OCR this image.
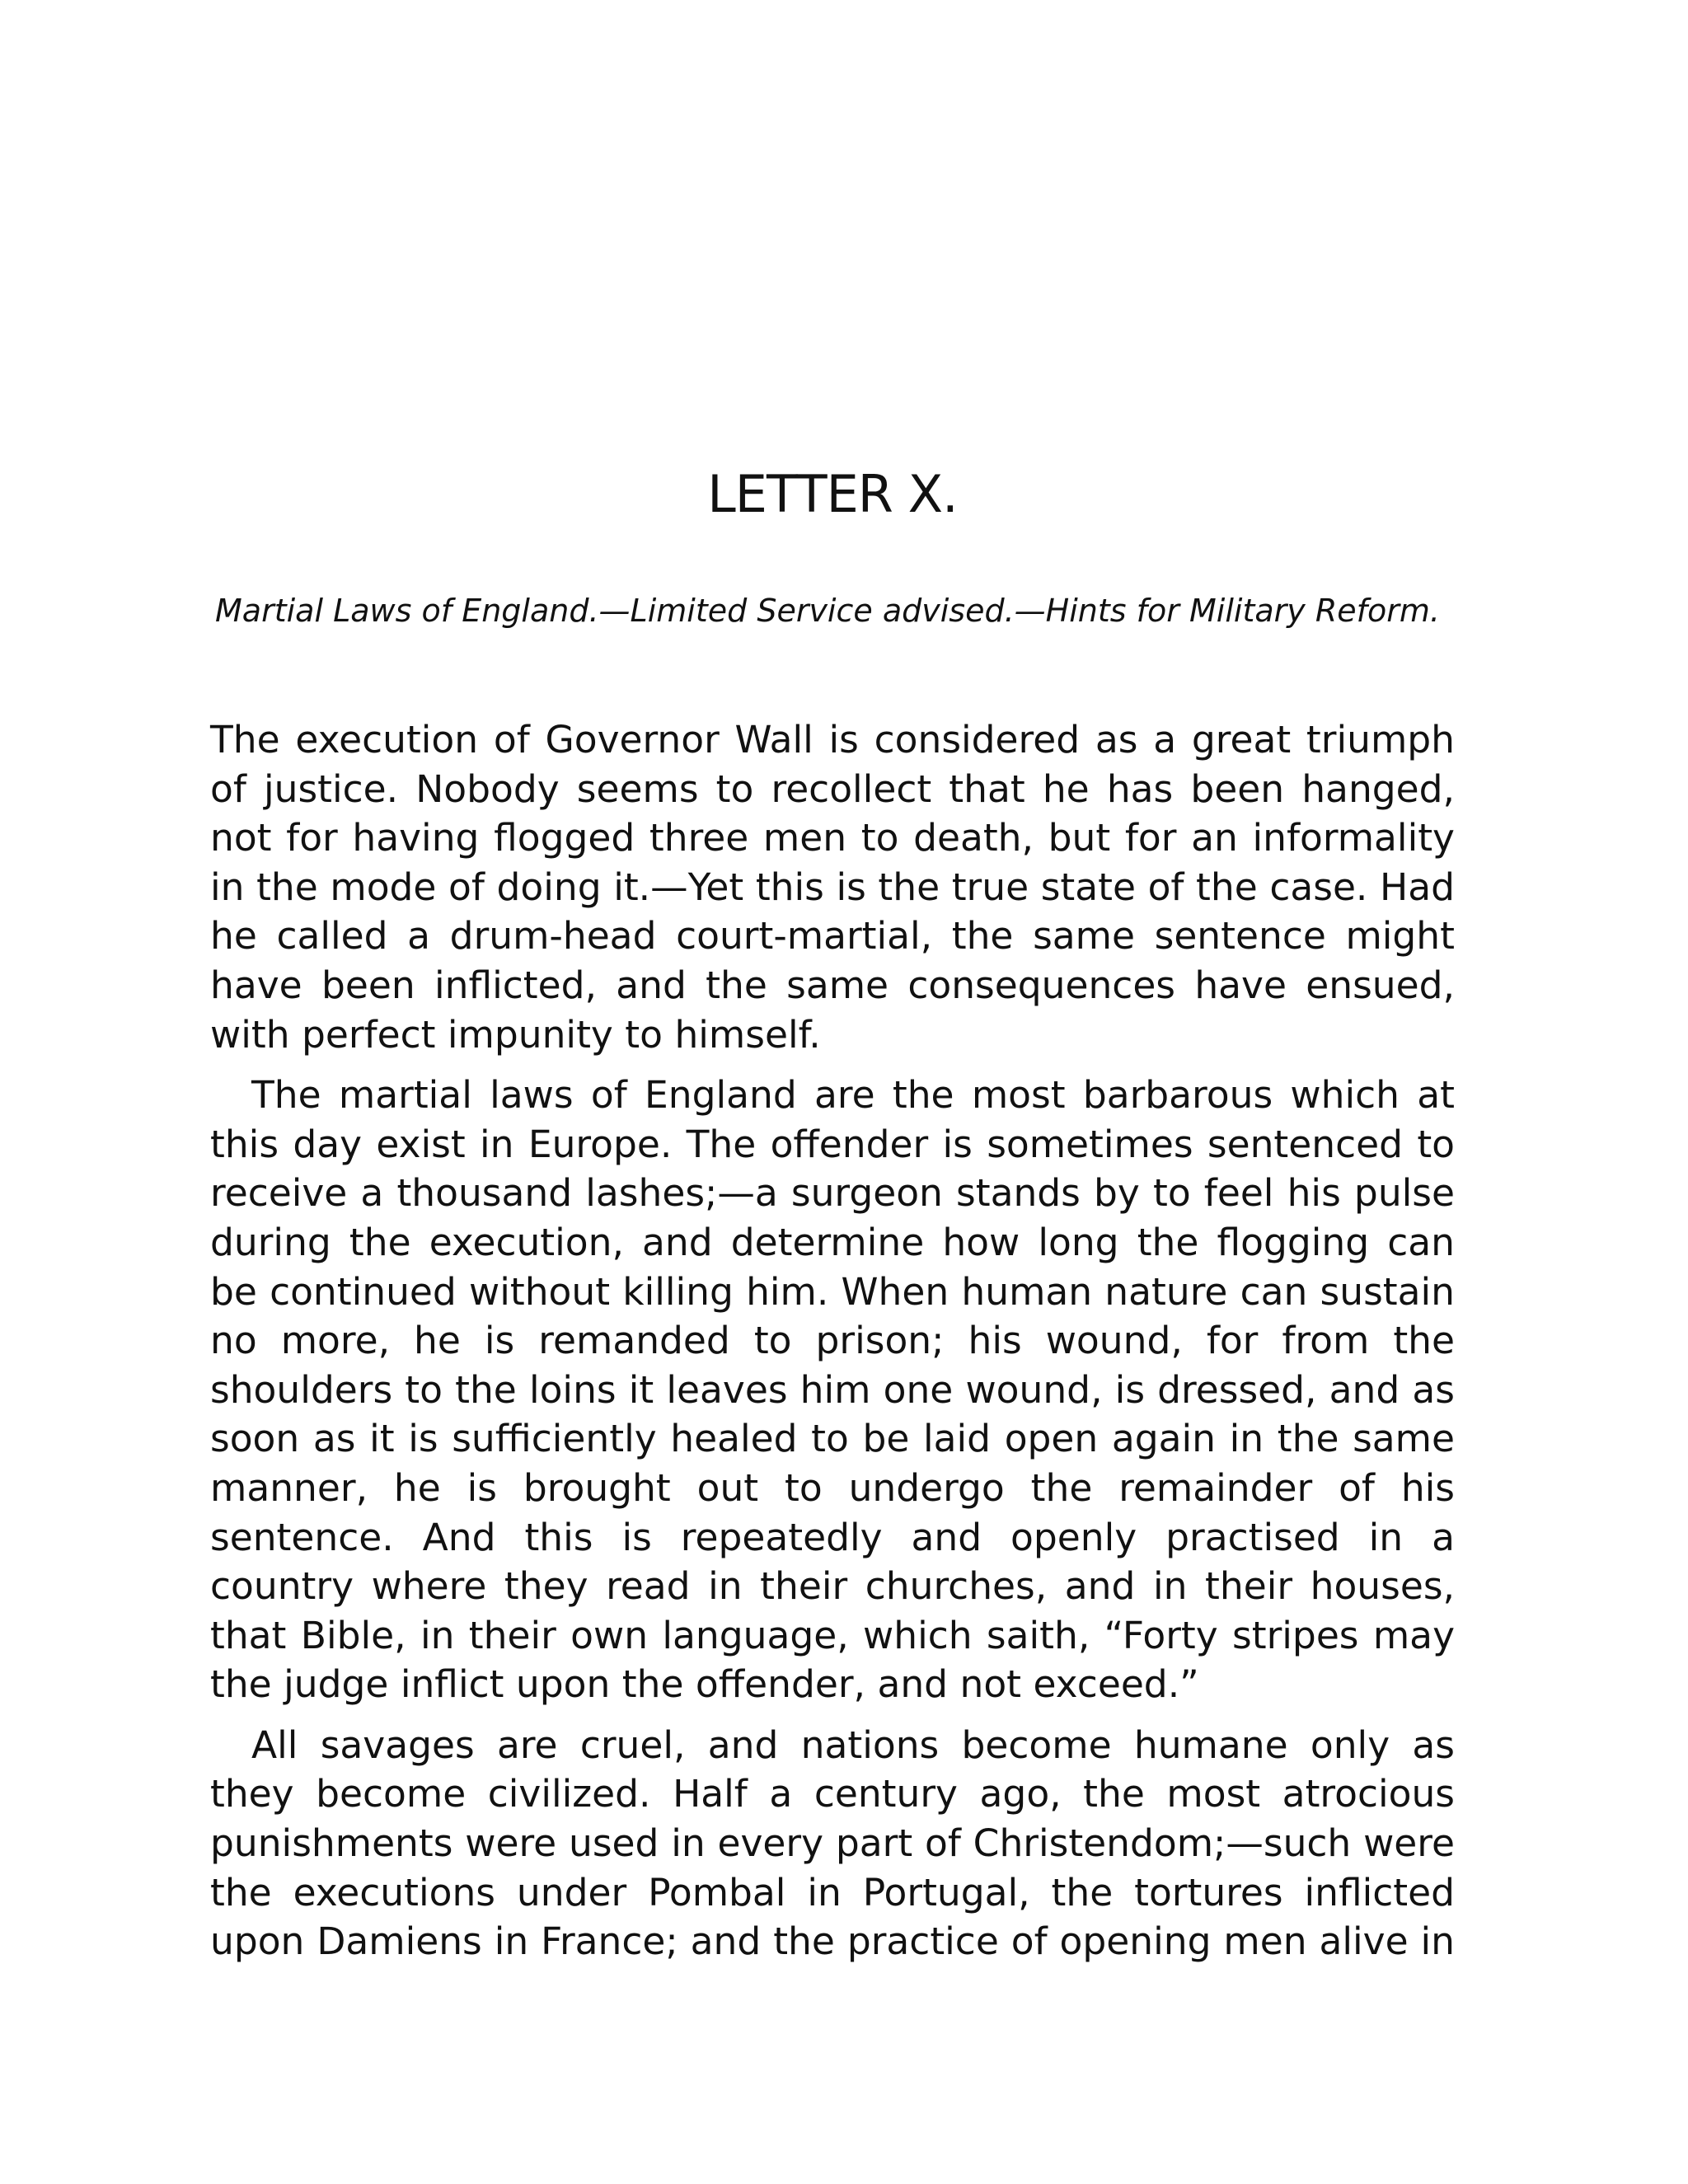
LETTER X.

Martial Laws of England.—Limited Service advised.—Hints for Military Reform.

The execution of Governor Wall is considered as a great triumph of justice. Nobody seems to recollect that he has been hanged, not for having flogged three men to death, but for an informality in the mode of doing it.—Yet this is the true state of the case. Had he called a drum-head court-martial, the same sentence might have been inflicted, and the same consequences have ensued, with perfect impunity to himself.

The martial laws of England are the most barbarous which at this day exist in Europe. The offender is sometimes sentenced to receive a thousand lashes;—a surgeon stands by to feel his pulse during the execution, and determine how long the flogging can be continued without killing him. When human nature can sustain no more, he is remanded to prison; his wound, for from the shoulders to the loins it leaves him one wound, is dressed, and as soon as it is sufficiently healed to be laid open again in the same manner, he is brought out to undergo the remainder of his sentence. And this is repeatedly and openly practised in a country where they read in their churches, and in their houses, that Bible, in their own language, which saith, “Forty stripes may the judge inflict upon the offender, and not exceed.”

All savages are cruel, and nations become humane only as they become civilized. Half a century ago, the most atrocious punishments were used in every part of Christendom;—such were the executions under Pombal in Portugal, the tortures inflicted upon Damiens in France; and the practice of opening men alive in
